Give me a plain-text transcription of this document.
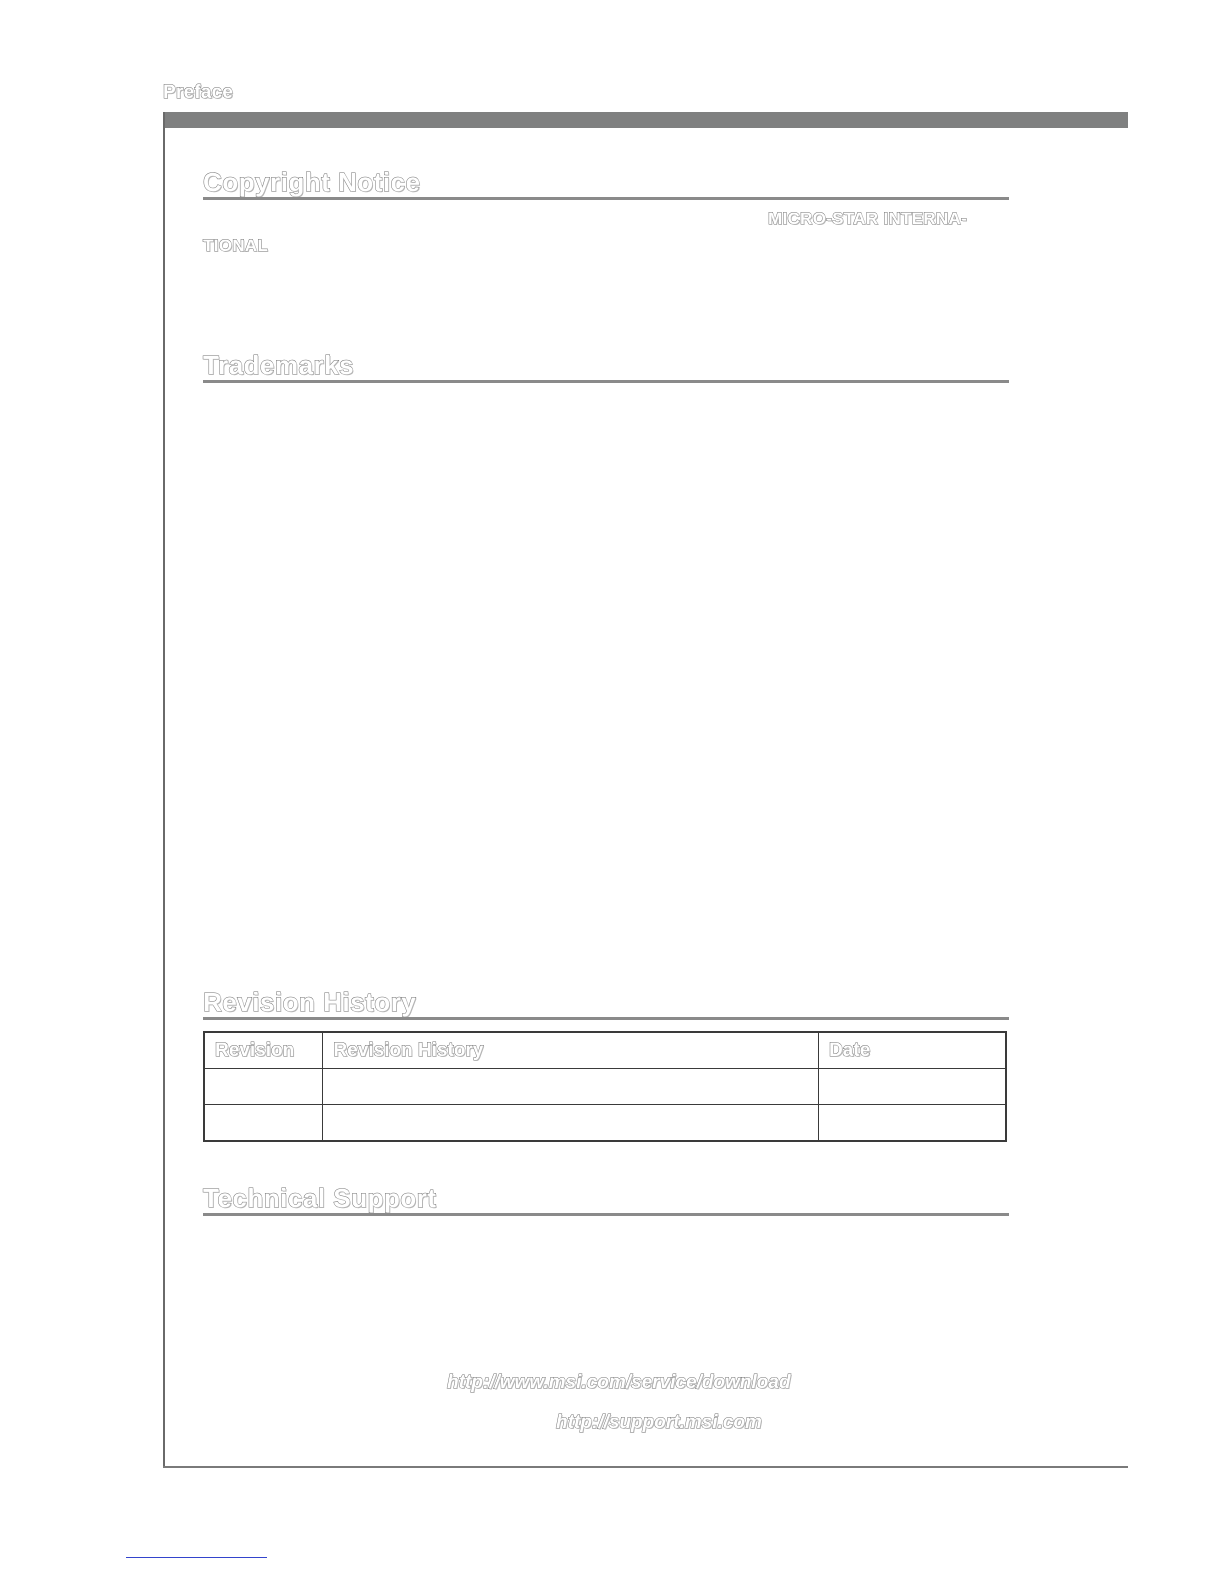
Preface
Copyright Notice
MICRO-STAR INTERNA-
TIONAL
Trademarks
Revision History
Revision	Revision History	Date

Technical Support
http://www.msi.com/service/download
http://support.msi.com
